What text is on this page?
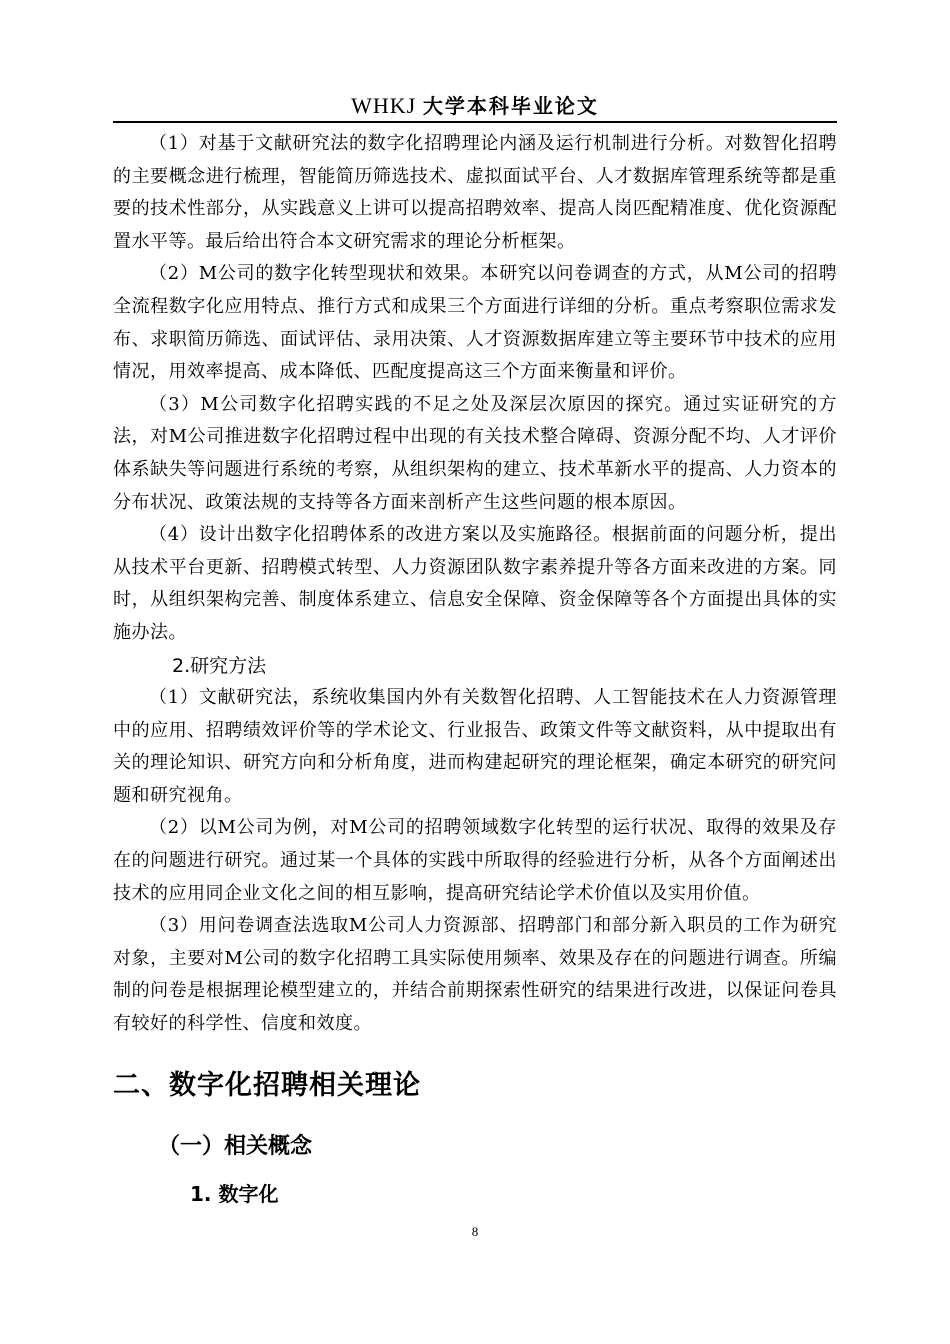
WHKJ 大学本科毕业论文

（1）对基于文献研究法的数字化招聘理论内涵及运行机制进行分析。对数智化招聘的主要概念进行梳理，智能简历筛选技术、虚拟面试平台、人才数据库管理系统等都是重要的技术性部分，从实践意义上讲可以提高招聘效率、提高人岗匹配精准度、优化资源配置水平等。最后给出符合本文研究需求的理论分析框架。

（2）M公司的数字化转型现状和效果。本研究以问卷调查的方式，从M公司的招聘全流程数字化应用特点、推行方式和成果三个方面进行详细的分析。重点考察职位需求发布、求职简历筛选、面试评估、录用决策、人才资源数据库建立等主要环节中技术的应用情况，用效率提高、成本降低、匹配度提高这三个方面来衡量和评价。

（3）M公司数字化招聘实践的不足之处及深层次原因的探究。通过实证研究的方法，对M公司推进数字化招聘过程中出现的有关技术整合障碍、资源分配不均、人才评价体系缺失等问题进行系统的考察，从组织架构的建立、技术革新水平的提高、人力资本的分布状况、政策法规的支持等各方面来剖析产生这些问题的根本原因。

（4）设计出数字化招聘体系的改进方案以及实施路径。根据前面的问题分析，提出从技术平台更新、招聘模式转型、人力资源团队数字素养提升等各方面来改进的方案。同时，从组织架构完善、制度体系建立、信息安全保障、资金保障等各个方面提出具体的实施办法。

2.研究方法

（1）文献研究法，系统收集国内外有关数智化招聘、人工智能技术在人力资源管理中的应用、招聘绩效评价等的学术论文、行业报告、政策文件等文献资料，从中提取出有关的理论知识、研究方向和分析角度，进而构建起研究的理论框架，确定本研究的研究问题和研究视角。

（2）以M公司为例，对M公司的招聘领域数字化转型的运行状况、取得的效果及存在的问题进行研究。通过某一个具体的实践中所取得的经验进行分析，从各个方面阐述出技术的应用同企业文化之间的相互影响，提高研究结论学术价值以及实用价值。

（3）用问卷调查法选取M公司人力资源部、招聘部门和部分新入职员的工作为研究对象，主要对M公司的数字化招聘工具实际使用频率、效果及存在的问题进行调查。所编制的问卷是根据理论模型建立的，并结合前期探索性研究的结果进行改进，以保证问卷具有较好的科学性、信度和效度。

二、数字化招聘相关理论
（一）相关概念
1. 数字化
8
